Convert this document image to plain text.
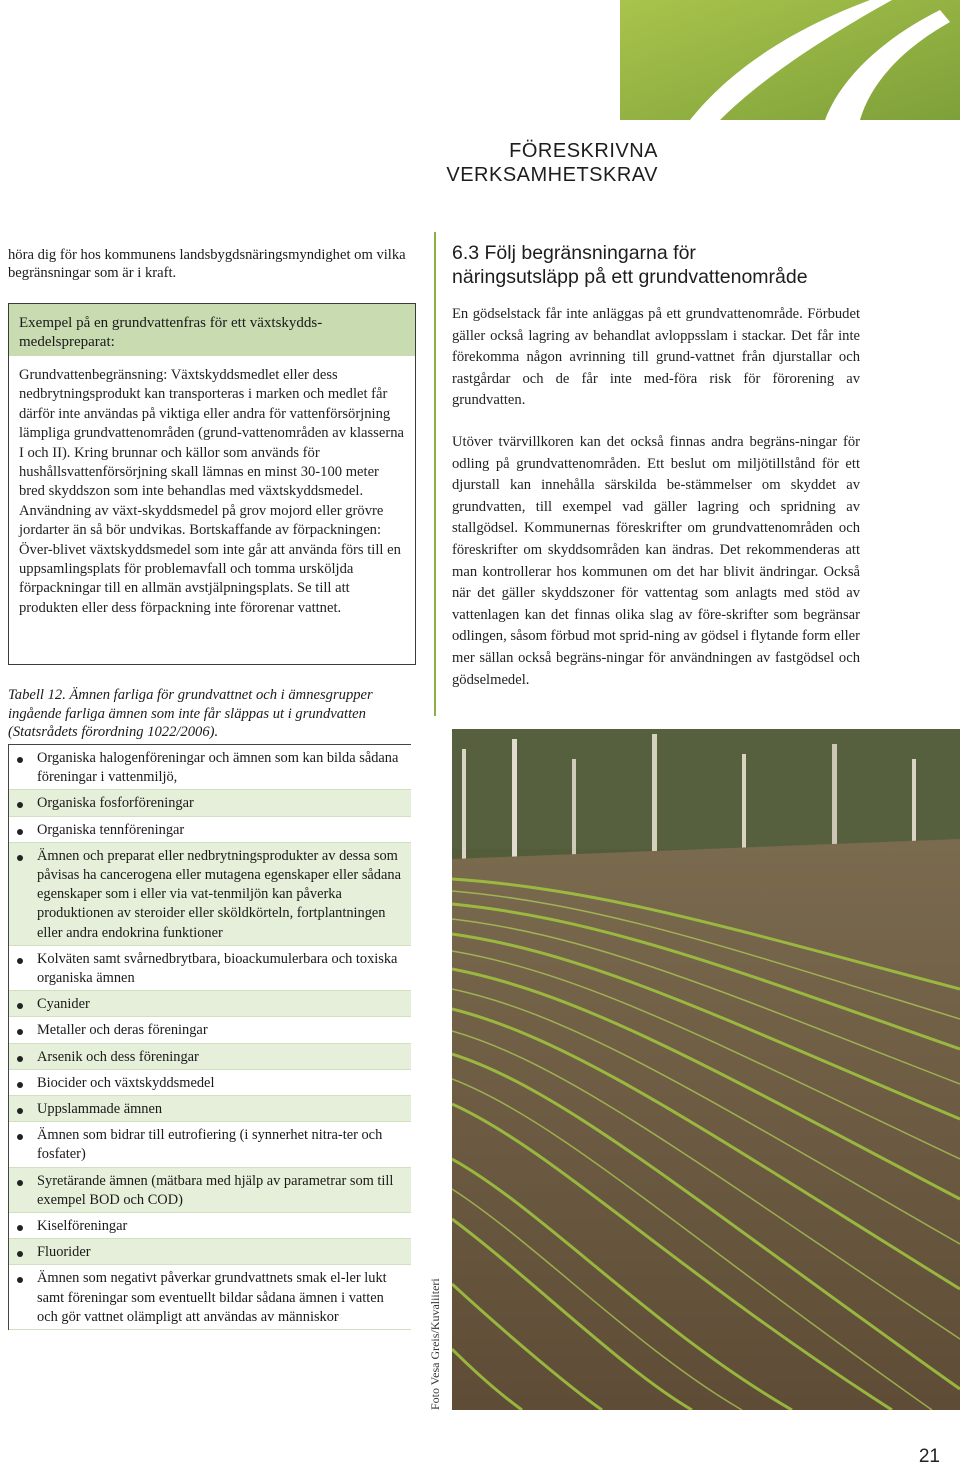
FÖRESKRIVNA
VERKSAMHETSKRAV
höra dig för hos kommunens landsbygdsnäringsmyndighet om vilka begränsningar som är i kraft.
Exempel på en grundvattenfras för ett växtskydds-medelspreparat:
Grundvattenbegränsning: Växtskyddsmedlet eller dess nedbrytningsprodukt kan transporteras i marken och medlet får därför inte användas på viktiga eller andra för vattenförsörjning lämpliga grundvattenområden (grund-vattenområden av klasserna I och II). Kring brunnar och källor som används för hushållsvattenförsörjning skall lämnas en minst 30-100 meter bred skyddszon som inte behandlas med växtskyddsmedel. Användning av växt-skyddsmedel på grov mojord eller grövre jordarter än så bör undvikas. Bortskaffande av förpackningen: Över-blivet växtskyddsmedel som inte går att använda förs till en uppsamlingsplats för problemavfall och tomma ursköljda förpackningar till en allmän avstjälpningsplats. Se till att produkten eller dess förpackning inte förorenar vattnet.
Tabell 12. Ämnen farliga för grundvattnet och i ämnesgrupper ingående farliga ämnen som inte får släppas ut i grundvatten (Statsrådets förordning 1022/2006).
Organiska halogenföreningar och ämnen som kan bilda sådana föreningar i vattenmiljö,
Organiska fosforföreningar
Organiska tennföreningar
Ämnen och preparat eller nedbrytningsprodukter av dessa som påvisas ha cancerogena eller mutagena egenskaper eller sådana egenskaper som i eller via vat-tenmiljön kan påverka produktionen av steroider eller sköldkörteln, fortplantningen eller andra endokrina funktioner
Kolväten samt svårnedbrytbara, bioackumulerbara och toxiska organiska ämnen
Cyanider
Metaller och deras föreningar
Arsenik och dess föreningar
Biocider och växtskyddsmedel
Uppslammade ämnen
Ämnen som bidrar till eutrofiering (i synnerhet nitra-ter och fosfater)
Syretärande ämnen (mätbara med hjälp av parametrar som till exempel BOD och COD)
Kiselföreningar
Fluorider
Ämnen som negativt påverkar grundvattnets smak el-ler lukt samt föreningar som eventuellt bildar sådana ämnen i vatten och gör vattnet olämpligt att användas av människor
6.3 Följ begränsningarna för
näringsutsläpp på ett grundvattenområde
En gödselstack får inte anläggas på ett grundvattenområde. Förbudet gäller också lagring av behandlat avloppsslam i stackar. Det får inte förekomma någon avrinning till grund-vattnet från djurstallar och rastgårdar och de får inte med-föra risk för förorening av grundvatten.
Utöver tvärvillkoren kan det också finnas andra begräns-ningar för odling på grundvattenområden. Ett beslut om miljötillstånd för ett djurstall kan innehålla särskilda be-stämmelser om skyddet av grundvatten, till exempel vad gäller lagring och spridning av stallgödsel. Kommunernas föreskrifter om grundvattenområden och föreskrifter om skyddsområden kan ändras. Det rekommenderas att man kontrollerar hos kommunen om det har blivit ändringar. Också när det gäller skyddszoner för vattentag som anlagts med stöd av vattenlagen kan det finnas olika slag av före-skrifter som begränsar odlingen, såsom förbud mot sprid-ning av gödsel i flytande form eller mer sällan också begräns-ningar för användningen av fastgödsel och gödselmedel.
Foto Vesa Greis/Kuvaliiteri
21
